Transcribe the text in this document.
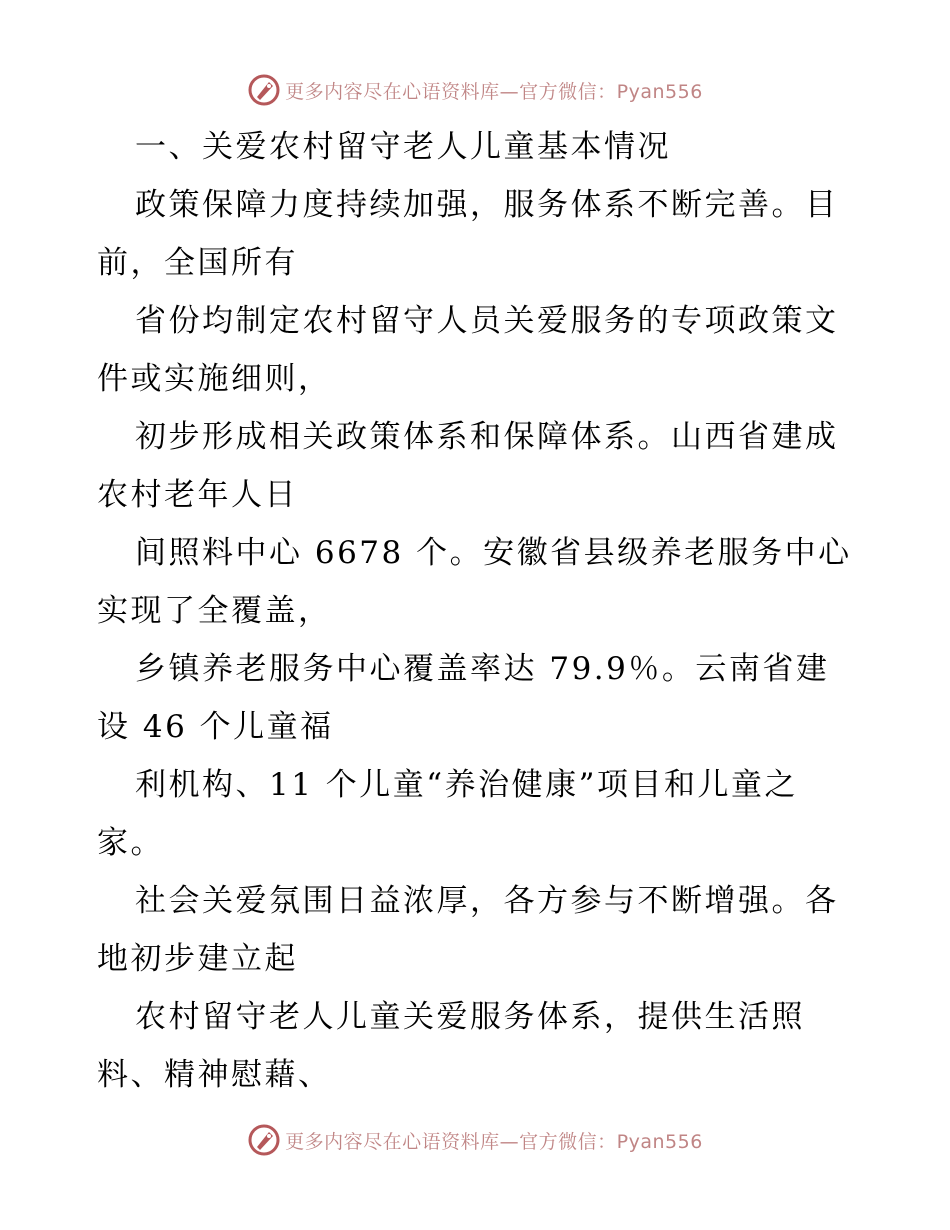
更多内容尽在心语资料库—官方微信：Pyan556

一、关爱农村留守老人儿童基本情况

政策保障力度持续加强，服务体系不断完善。目前，全国所有

省份均制定农村留守人员关爱服务的专项政策文件或实施细则，

初步形成相关政策体系和保障体系。山西省建成农村老年人日

间照料中心 6678 个。安徽省县级养老服务中心实现了全覆盖，

乡镇养老服务中心覆盖率达 79.9％。云南省建设 46 个儿童福

利机构、11 个儿童“养治健康”项目和儿童之家。

社会关爱氛围日益浓厚，各方参与不断增强。各地初步建立起

农村留守老人儿童关爱服务体系，提供生活照料、精神慰藉、

更多内容尽在心语资料库—官方微信：Pyan556
